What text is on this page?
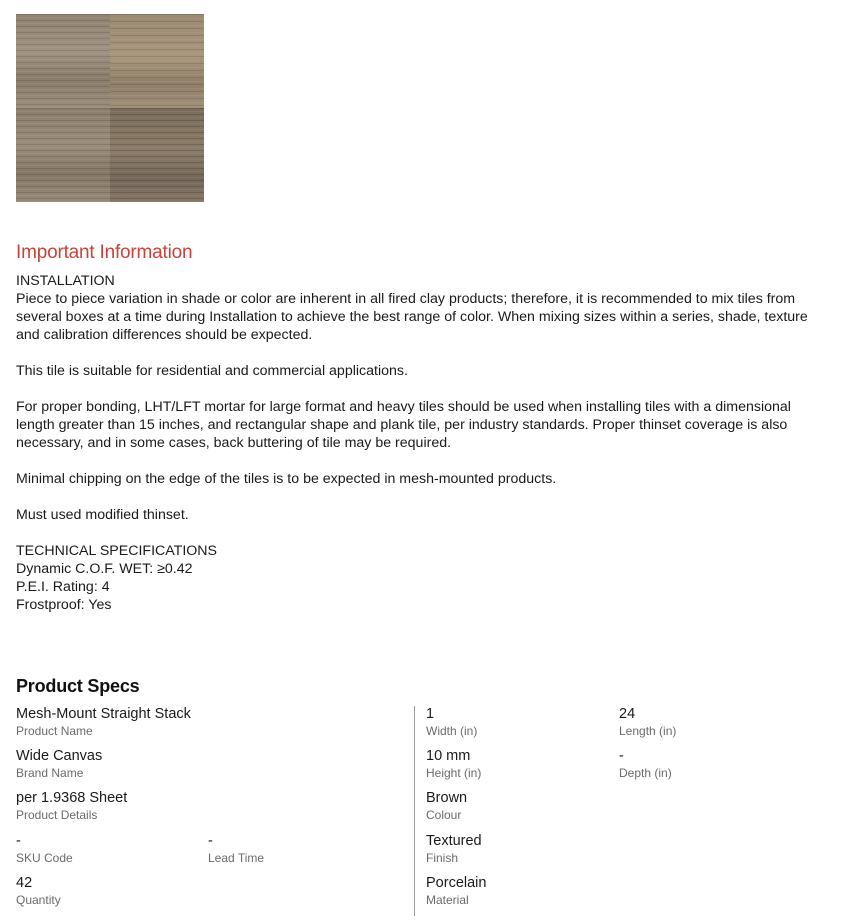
Important Information

INSTALLATION

Piece to piece variation in shade or color are inherent in all fired clay products; therefore, it is recommended to mix tiles from several boxes at a time during Installation to achieve the best range of color. When mixing sizes within a series, shade, texture and calibration differences should be expected.

This tile is suitable for residential and commercial applications.

For proper bonding, LHT/LFT mortar for large format and heavy tiles should be used when installing tiles with a dimensional length greater than 15 inches, and rectangular shape and plank tile, per industry standards. Proper thinset coverage is also necessary, and in some cases, back buttering of tile may be required.

Minimal chipping on the edge of the tiles is to be expected in mesh-mounted products.

Must used modified thinset.

TECHNICAL SPECIFICATIONS

Dynamic C.O.F. WET: ≥0.42

P.E.I. Rating: 4

Frostproof: Yes

Product Specs
Mesh-Mount Straight Stack
Product Name
Wide Canvas
Brand Name
per 1.9368 Sheet
Product Details
-
SKU Code
-
Lead Time
42
Quantity
1
Width (in)
24
Length (in)
10 mm
Height (in)
-
Depth (in)
Brown
Colour
Textured
Finish
Porcelain
Material
